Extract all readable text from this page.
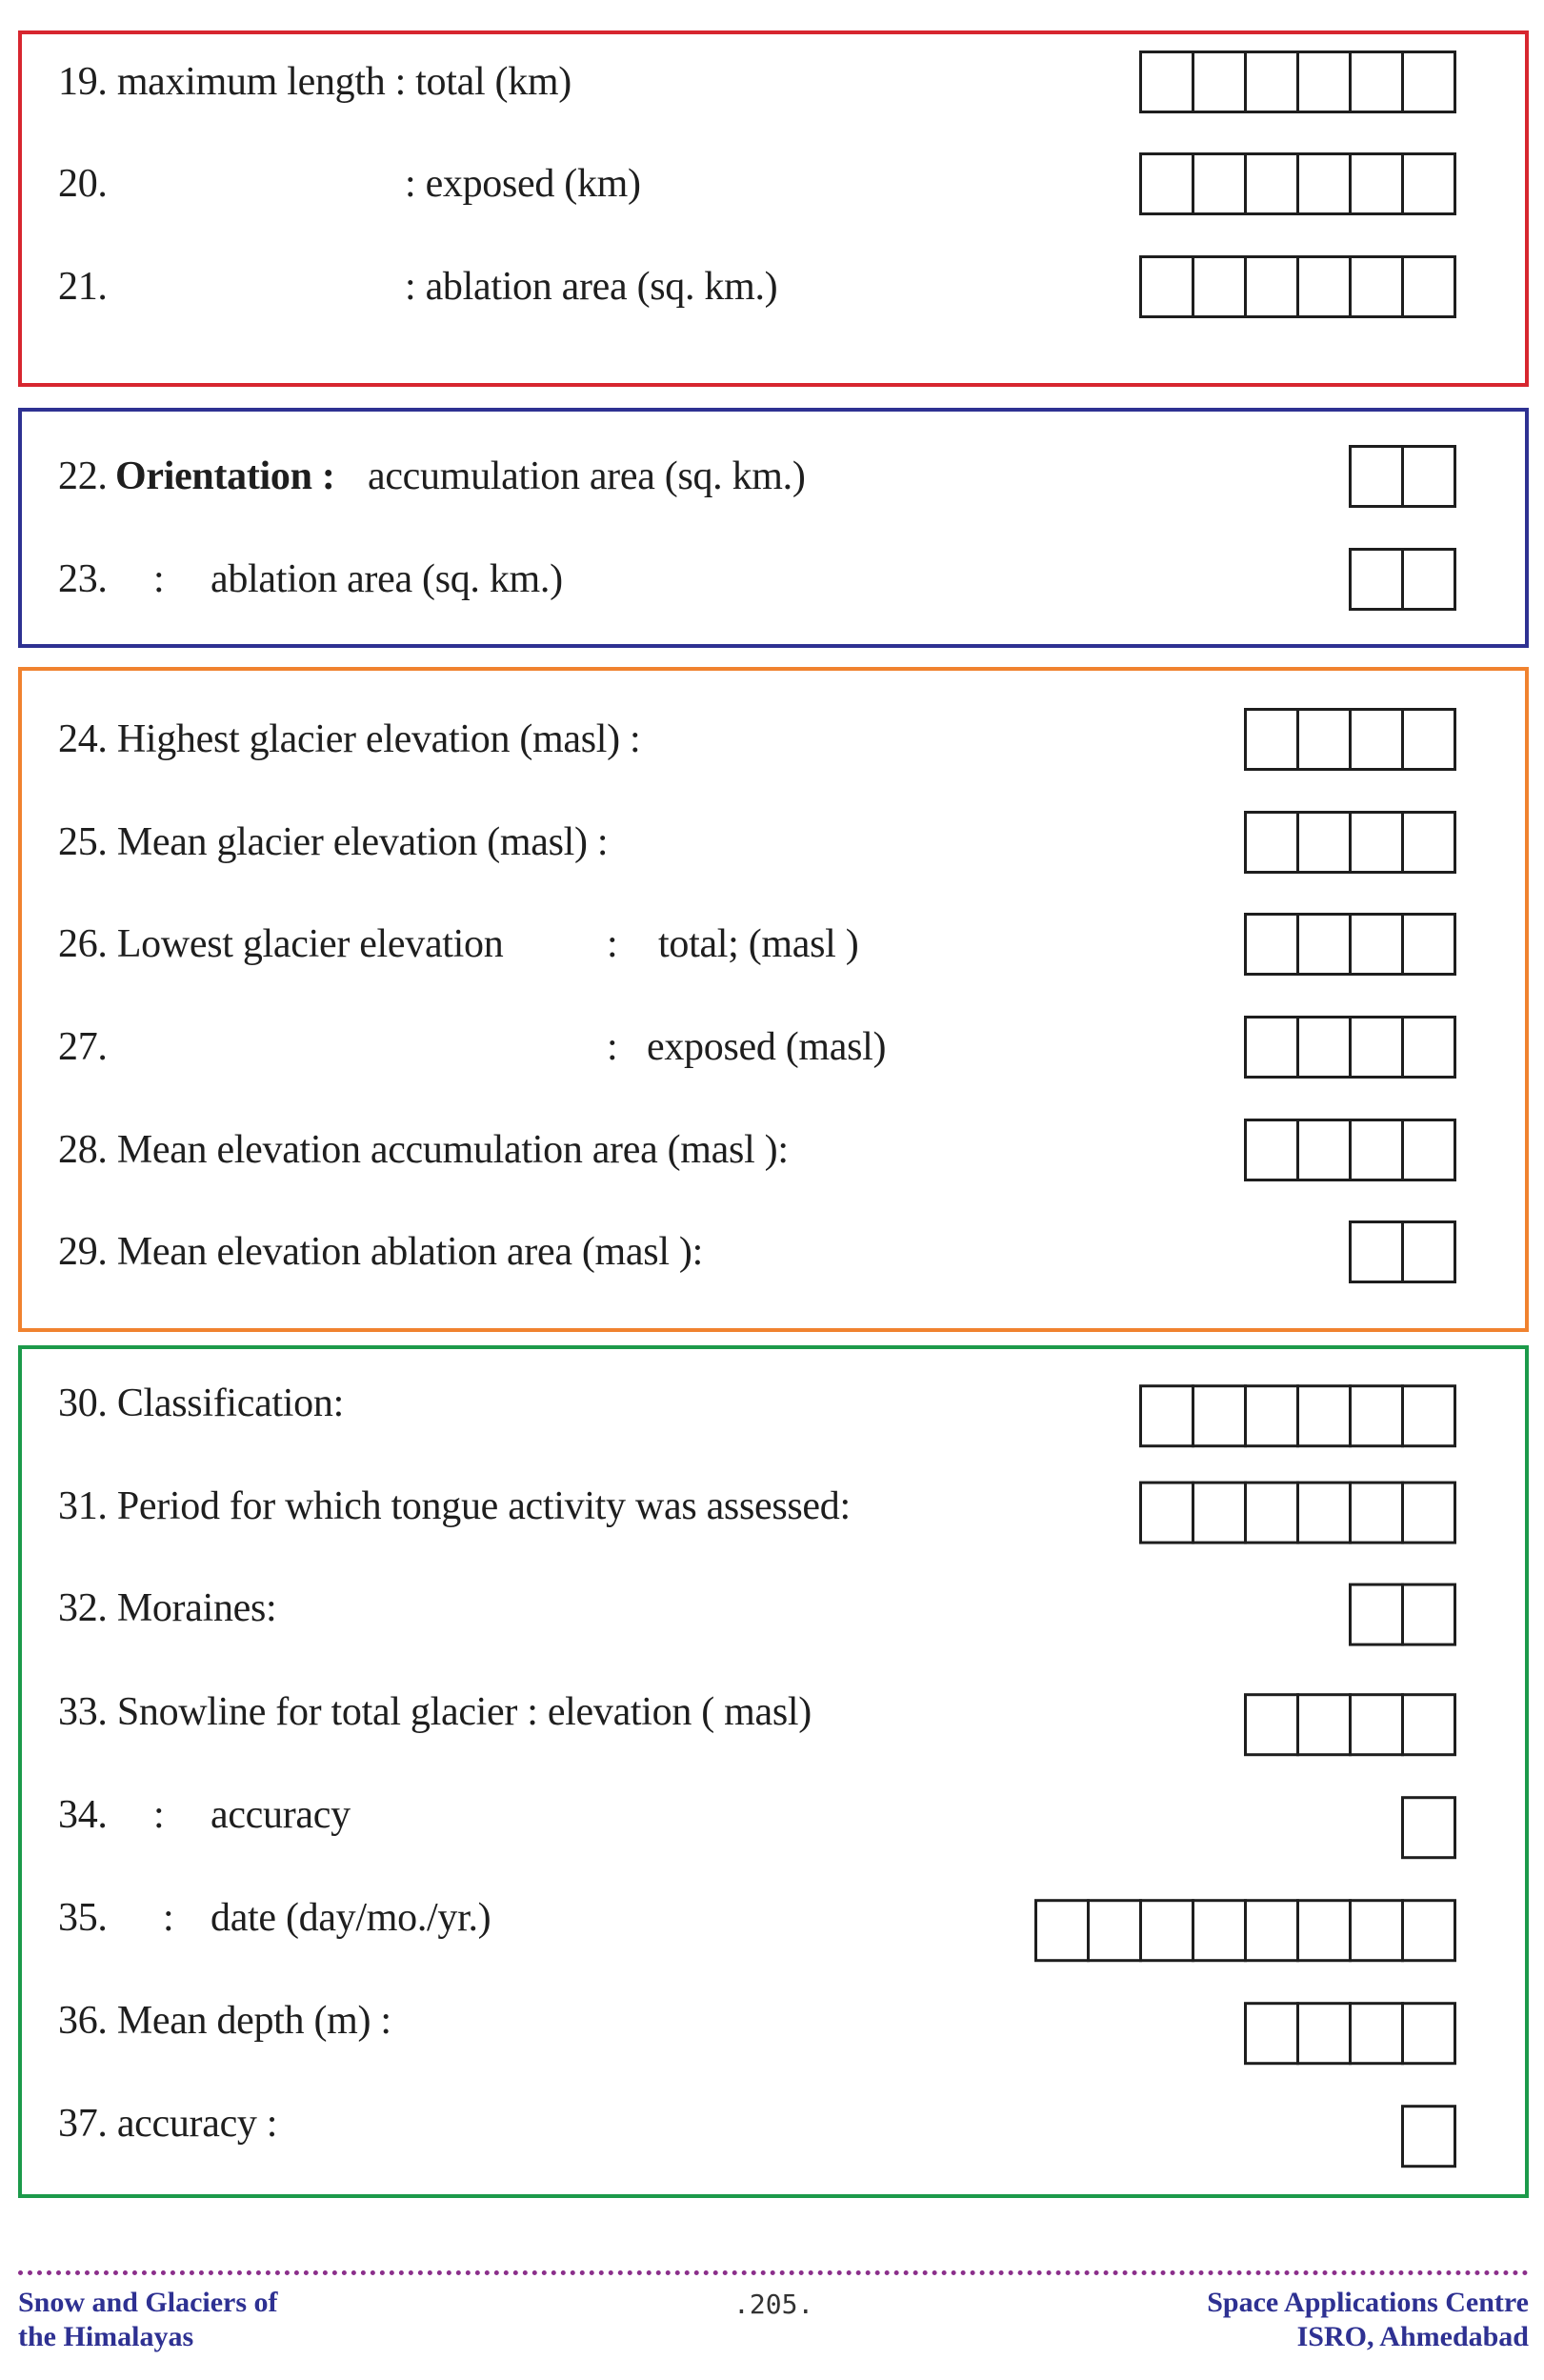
19. maximum length : total (km)
20.	: exposed (km)
21.	: ablation area (sq. km.)
22. Orientation : accumulation area (sq. km.)
23. : ablation area (sq. km.)
24. Highest glacier elevation (masl) :
25. Mean glacier elevation (masl) :
26. Lowest glacier elevation	: total; (masl )
27.	: exposed (masl)
28. Mean elevation accumulation area (masl ):
29. Mean elevation ablation area (masl ):
30. Classification:
31. Period for which tongue activity was assessed:
32. Moraines:
33. Snowline for total glacier : elevation ( masl)
34. : accuracy
35. : date (day/mo./yr.)
36. Mean depth (m) :
37. accuracy :
Snow and Glaciers of
the Himalayas
.205.	Space Applications Centre
ISRO, Ahmedabad
